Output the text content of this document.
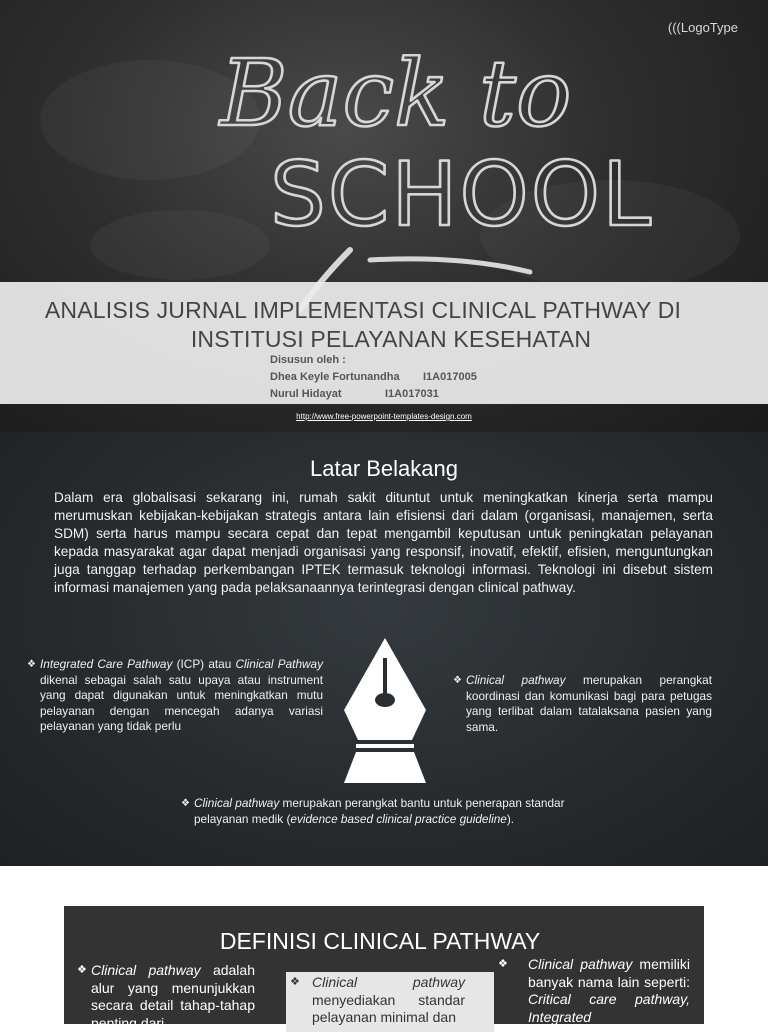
Back to
SCHOOL
(((LogoType
ANALISIS JURNAL IMPLEMENTASI CLINICAL PATHWAY DI
INSTITUSI PELAYANAN KESEHATAN
Disusun oleh :
Dhea Keyle Fortunandha	I1A017005
Nurul Hidayat	I1A017031
http://www.free-powerpoint-templates-design.com
Latar Belakang
Dalam era globalisasi sekarang ini, rumah sakit dituntut untuk meningkatkan kinerja serta mampu merumuskan kebijakan-kebijakan strategis antara lain efisiensi dari dalam (organisasi, manajemen, serta SDM) serta harus mampu secara cepat dan tepat mengambil keputusan untuk peningkatan pelayanan kepada masyarakat agar dapat menjadi organisasi yang responsif, inovatif, efektif, efisien, menguntungkan juga tanggap terhadap perkembangan IPTEK termasuk teknologi informasi. Teknologi ini disebut sistem informasi manajemen yang pada pelaksanaannya terintegrasi dengan clinical pathway.
❖ Integrated Care Pathway (ICP) atau Clinical Pathway dikenal sebagai salah satu upaya atau instrument yang dapat digunakan untuk meningkatkan mutu pelayanan dengan mencegah adanya variasi pelayanan yang tidak perlu
❖ Clinical pathway merupakan perangkat koordinasi dan komunikasi bagi para petugas yang terlibat dalam tatalaksana pasien yang sama.
❖ Clinical pathway merupakan perangkat bantu untuk penerapan standar pelayanan medik (evidence based clinical practice guideline).
DEFINISI CLINICAL PATHWAY
❖ Clinical pathway adalah alur yang menunjukkan secara detail tahap-tahap penting dari
❖ Clinical pathway menyediakan standar pelayanan minimal dan
❖ Clinical pathway memiliki banyak nama lain seperti: Critical care pathway, Integrated
